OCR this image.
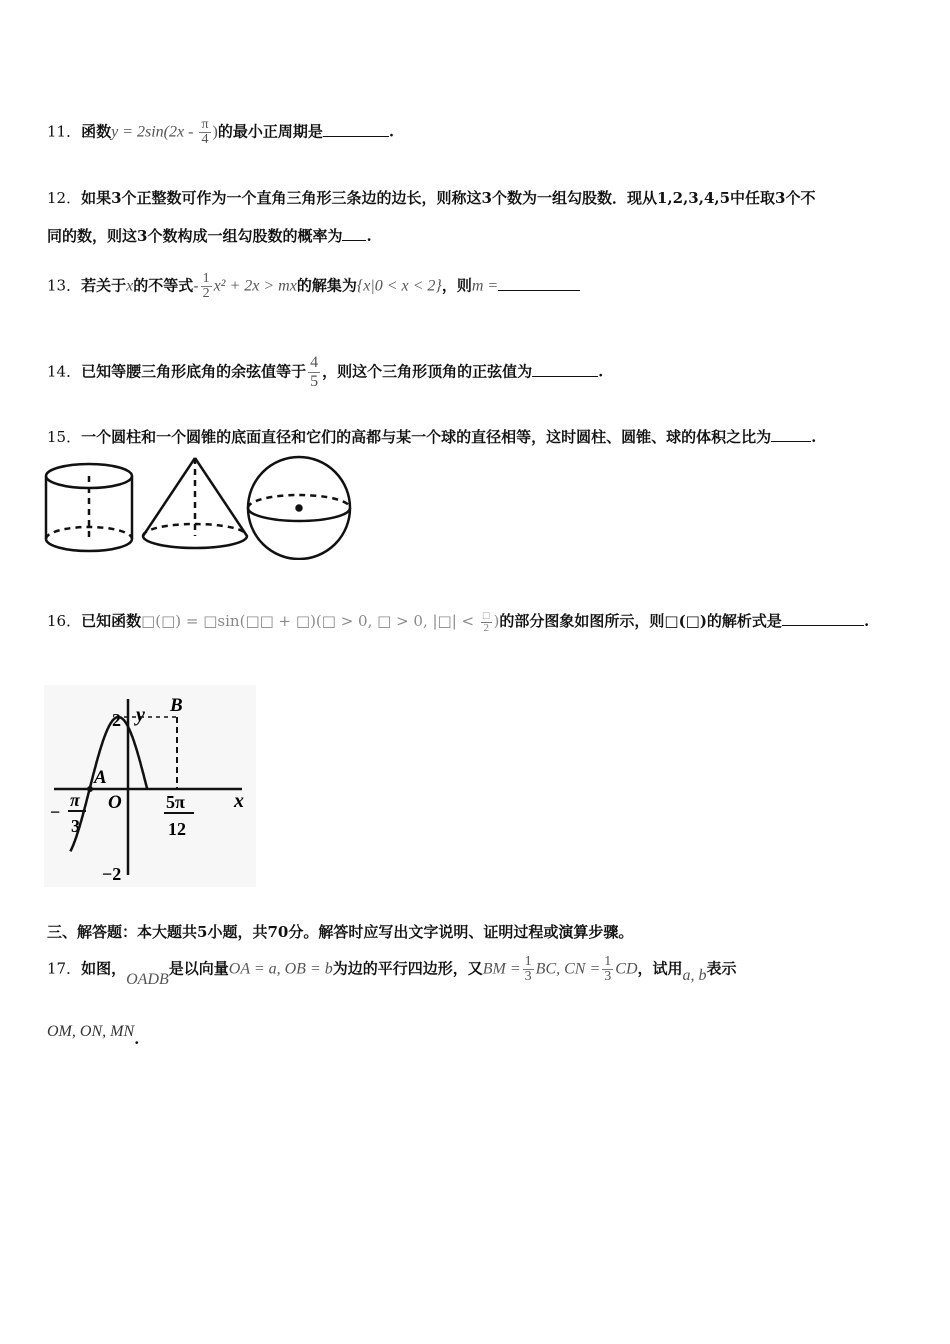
11．函数$y = 2\sin(2x - \frac{\pi}{4}$ )的最小正周期是	.
12．如果3个正整数可作为一个直角三角形三条边的边长，则称这3个数为一组勾股数．现从1,2,3,4,5中任取3个不
同的数，则这3个数构成一组勾股数的概率为 .
13．若关于x的不等式- $\frac{1}{2} x^2 + 2x$ > mx的解集为{x|0 < x < 2}，则m =
14．已知等腰三角形底角的余弦值等于 $\frac{4}{5}$ ，则这个三角形顶角的正弦值为	.
15．一个圆柱和一个圆锥的底面直径和它们的高都与某一个球的直径相等，这时圆柱、圆锥、球的体积之比为	.
16．已知函数□(□) = □sin(□□ + □)(□ > 0, □ > 0, |□| < $\frac{□}{2}$ )的部分图象如图所示，则□(□)的解析式是	.
x
y
2
−2
O
A
B
−
π
3
5π
12
三、解答题：本大题共5小题，共70分。解答时应写出文字说明、证明过程或演算步骤。
17．如图，OADB是以向量OA = a, OB = b为边的平行四边形，又BM = $\frac{1}{3}$ BC, CN = $\frac{1}{3}$ CD，试用a, b表示
OM, ON, MN.
